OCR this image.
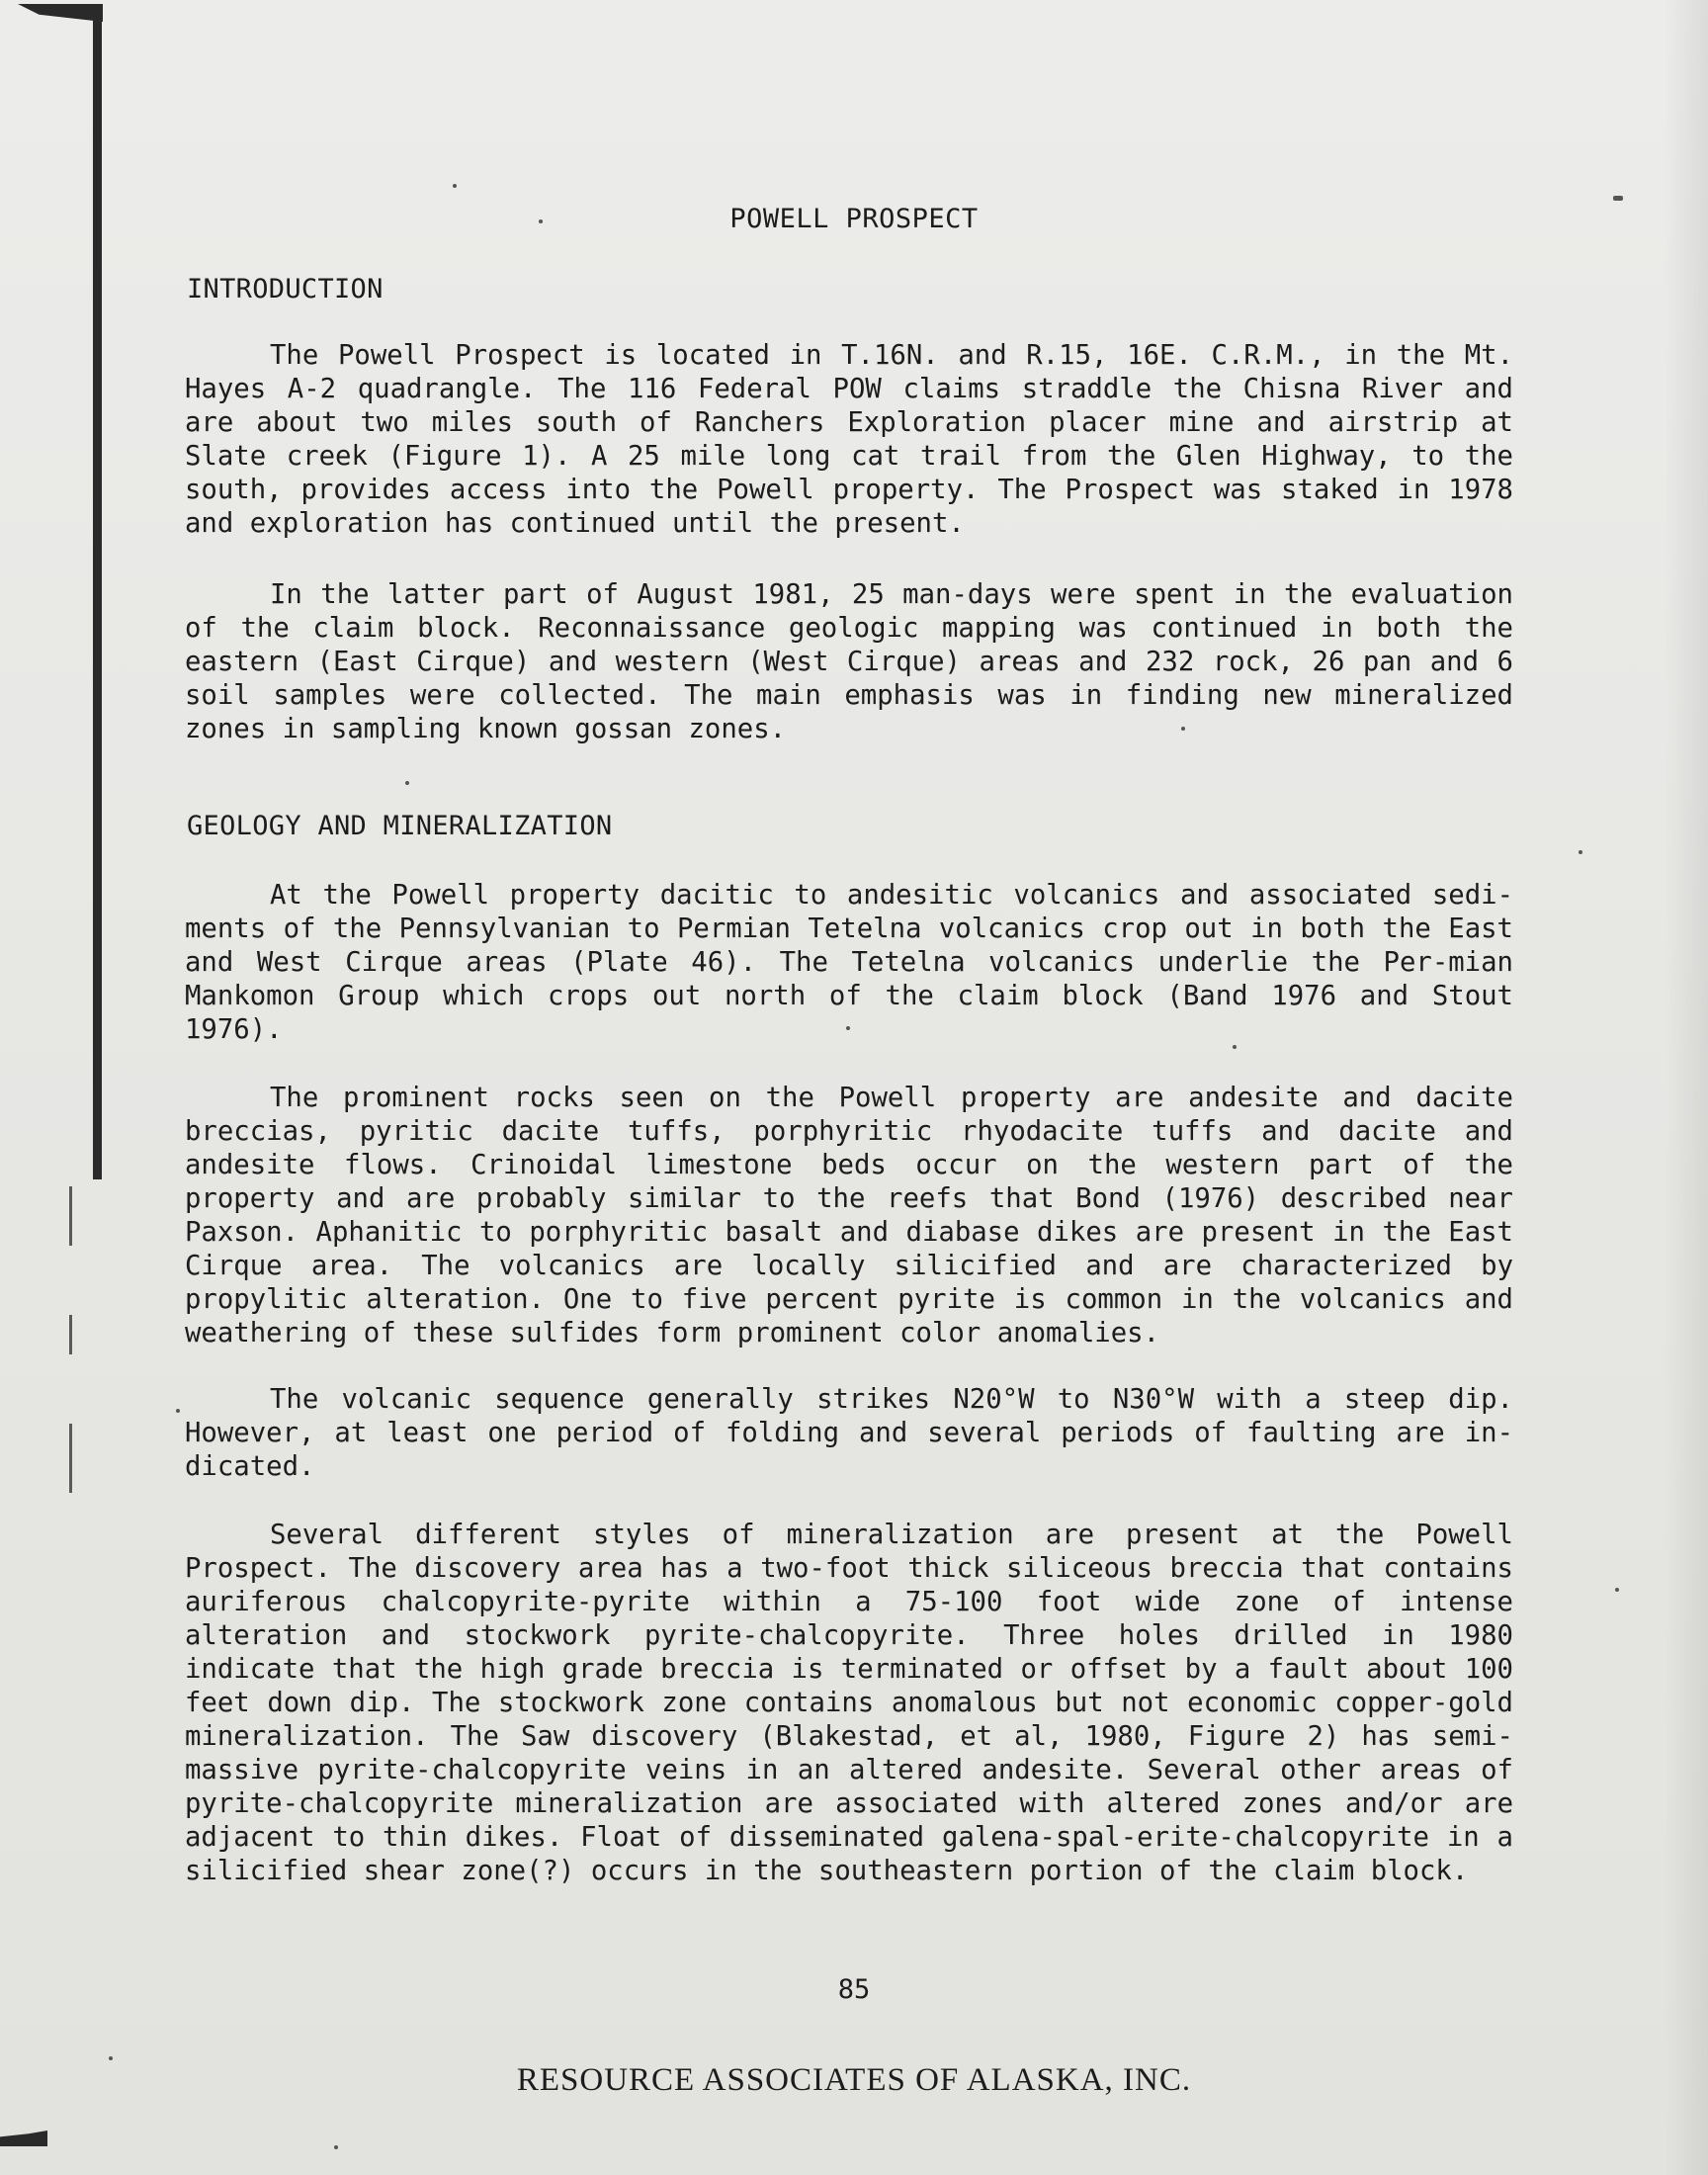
POWELL PROSPECT
INTRODUCTION

The Powell Prospect is located in T.16N. and R.15, 16E. C.R.M., in the Mt. Hayes A-2 quadrangle. The 116 Federal POW claims straddle the Chisna River and are about two miles south of Ranchers Exploration placer mine and airstrip at Slate creek (Figure 1). A 25 mile long cat trail from the Glen Highway, to the south, provides access into the Powell property. The Prospect was staked in 1978 and exploration has continued until the present.

In the latter part of August 1981, 25 man-days were spent in the evaluation of the claim block. Reconnaissance geologic mapping was continued in both the eastern (East Cirque) and western (West Cirque) areas and 232 rock, 26 pan and 6 soil samples were collected. The main emphasis was in finding new mineralized zones in sampling known gossan zones.

GEOLOGY AND MINERALIZATION

At the Powell property dacitic to andesitic volcanics and associated sedi-ments of the Pennsylvanian to Permian Tetelna volcanics crop out in both the East and West Cirque areas (Plate 46). The Tetelna volcanics underlie the Per-mian Mankomon Group which crops out north of the claim block (Band 1976 and Stout 1976).

The prominent rocks seen on the Powell property are andesite and dacite breccias, pyritic dacite tuffs, porphyritic rhyodacite tuffs and dacite and andesite flows. Crinoidal limestone beds occur on the western part of the property and are probably similar to the reefs that Bond (1976) described near Paxson. Aphanitic to porphyritic basalt and diabase dikes are present in the East Cirque area. The volcanics are locally silicified and are characterized by propylitic alteration. One to five percent pyrite is common in the volcanics and weathering of these sulfides form prominent color anomalies.

The volcanic sequence generally strikes N20°W to N30°W with a steep dip. However, at least one period of folding and several periods of faulting are in-dicated.

Several different styles of mineralization are present at the Powell Prospect. The discovery area has a two-foot thick siliceous breccia that contains auriferous chalcopyrite-pyrite within a 75-100 foot wide zone of intense alteration and stockwork pyrite-chalcopyrite. Three holes drilled in 1980 indicate that the high grade breccia is terminated or offset by a fault about 100 feet down dip. The stockwork zone contains anomalous but not economic copper-gold mineralization. The Saw discovery (Blakestad, et al, 1980, Figure 2) has semi-massive pyrite-chalcopyrite veins in an altered andesite. Several other areas of pyrite-chalcopyrite mineralization are associated with altered zones and/or are adjacent to thin dikes. Float of disseminated galena-spal-erite-chalcopyrite in a silicified shear zone(?) occurs in the southeastern portion of the claim block.

85

RESOURCE ASSOCIATES OF ALASKA, INC.
